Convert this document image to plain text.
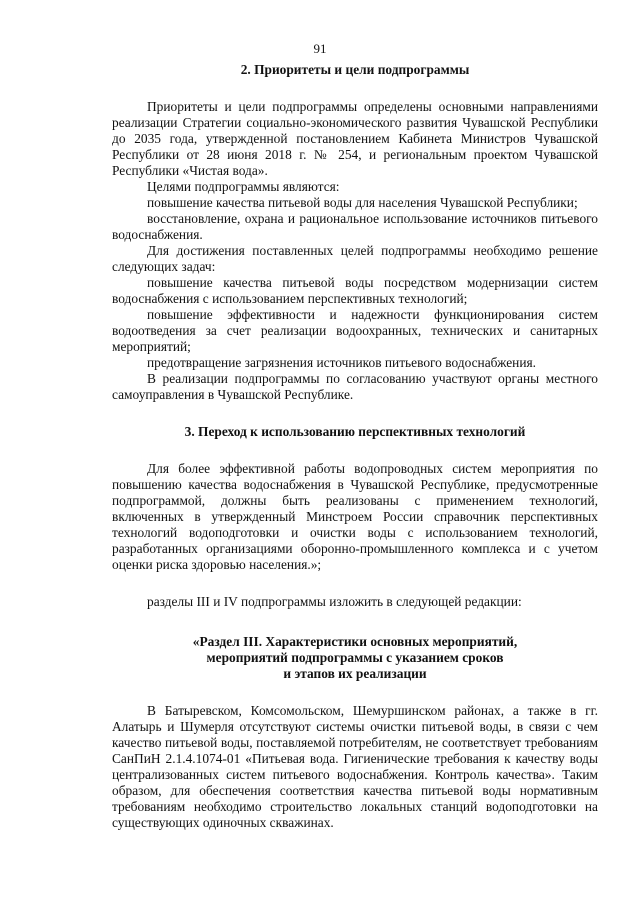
91
2. Приоритеты и цели подпрограммы

Приоритеты и цели подпрограммы определены основными направлениями реализации Стратегии социально-экономического развития Чувашской Республики до 2035 года, утвержденной постановлением Кабинета Министров Чувашской Республики от 28 июня 2018 г. № 254, и региональным проектом Чувашской Республики «Чистая вода».

Целями подпрограммы являются:

повышение качества питьевой воды для населения Чувашской Республики;

восстановление, охрана и рациональное использование источников питьевого водоснабжения.

Для достижения поставленных целей подпрограммы необходимо решение следующих задач:

повышение качества питьевой воды посредством модернизации систем водоснабжения с использованием перспективных технологий;

повышение эффективности и надежности функционирования систем водоотведения за счет реализации водоохранных, технических и санитарных мероприятий;

предотвращение загрязнения источников питьевого водоснабжения.

В реализации подпрограммы по согласованию участвуют органы местного самоуправления в Чувашской Республике.

3. Переход к использованию перспективных технологий

Для более эффективной работы водопроводных систем мероприятия по повышению качества водоснабжения в Чувашской Республике, предусмотренные подпрограммой, должны быть реализованы с применением технологий, включенных в утвержденный Минстроем России справочник перспективных технологий водоподготовки и очистки воды с использованием технологий, разработанных организациями оборонно-промышленного комплекса и с учетом оценки риска здоровью населения.»;

разделы III и IV подпрограммы изложить в следующей редакции:

«Раздел III. Характеристики основных мероприятий,
мероприятий подпрограммы с указанием сроков
и этапов их реализации

В Батыревском, Комсомольском, Шемуршинском районах, а также в гг. Алатырь и Шумерля отсутствуют системы очистки питьевой воды, в связи с чем качество питьевой воды, поставляемой потребителям, не соответствует требованиям СанПиН 2.1.4.1074-01 «Питьевая вода. Гигиенические требования к качеству воды централизованных систем питьевого водоснабжения. Контроль качества». Таким образом, для обеспечения соответствия качества питьевой воды нормативным требованиям необходимо строительство локальных станций водоподготовки на существующих одиночных скважинах.
